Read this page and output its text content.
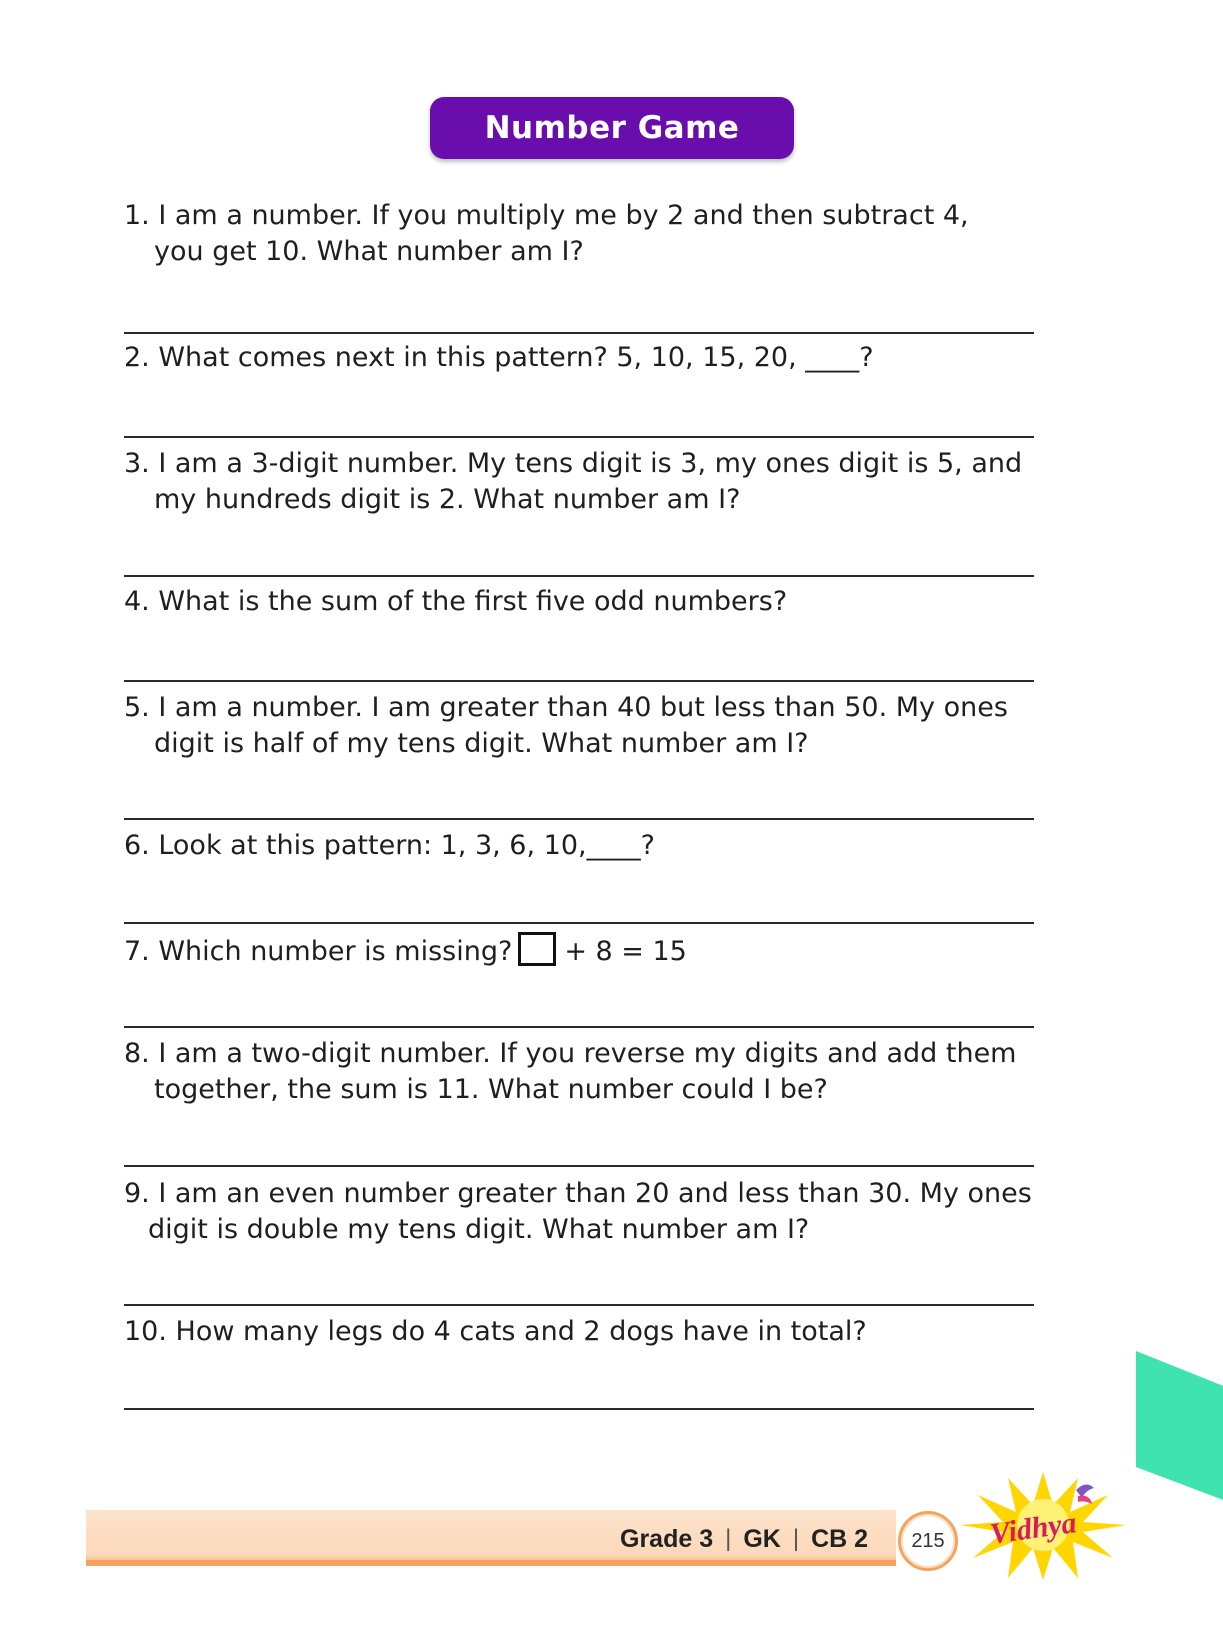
Number Game
1. I am a number. If you multiply me by 2 and then subtract 4,
you get 10. What number am I?
2. What comes next in this pattern? 5, 10, 15, 20, ____?
3. I am a 3-digit number. My tens digit is 3, my ones digit is 5, and
my hundreds digit is 2. What number am I?
4. What is the sum of the first five odd numbers?
5. I am a number. I am greater than 40 but less than 50. My ones
digit is half of my tens digit. What number am I?
6. Look at this pattern: 1, 3, 6, 10,____?
7. Which number is missing? + 8 = 15
8. I am a two-digit number. If you reverse my digits and add them
together, the sum is 11. What number could I be?
9. I am an even number greater than 20 and less than 30. My ones
digit is double my tens digit. What number am I?
10. How many legs do 4 cats and 2 dogs have in total?
Grade 3 | GK | CB 2 215 Vidhya
